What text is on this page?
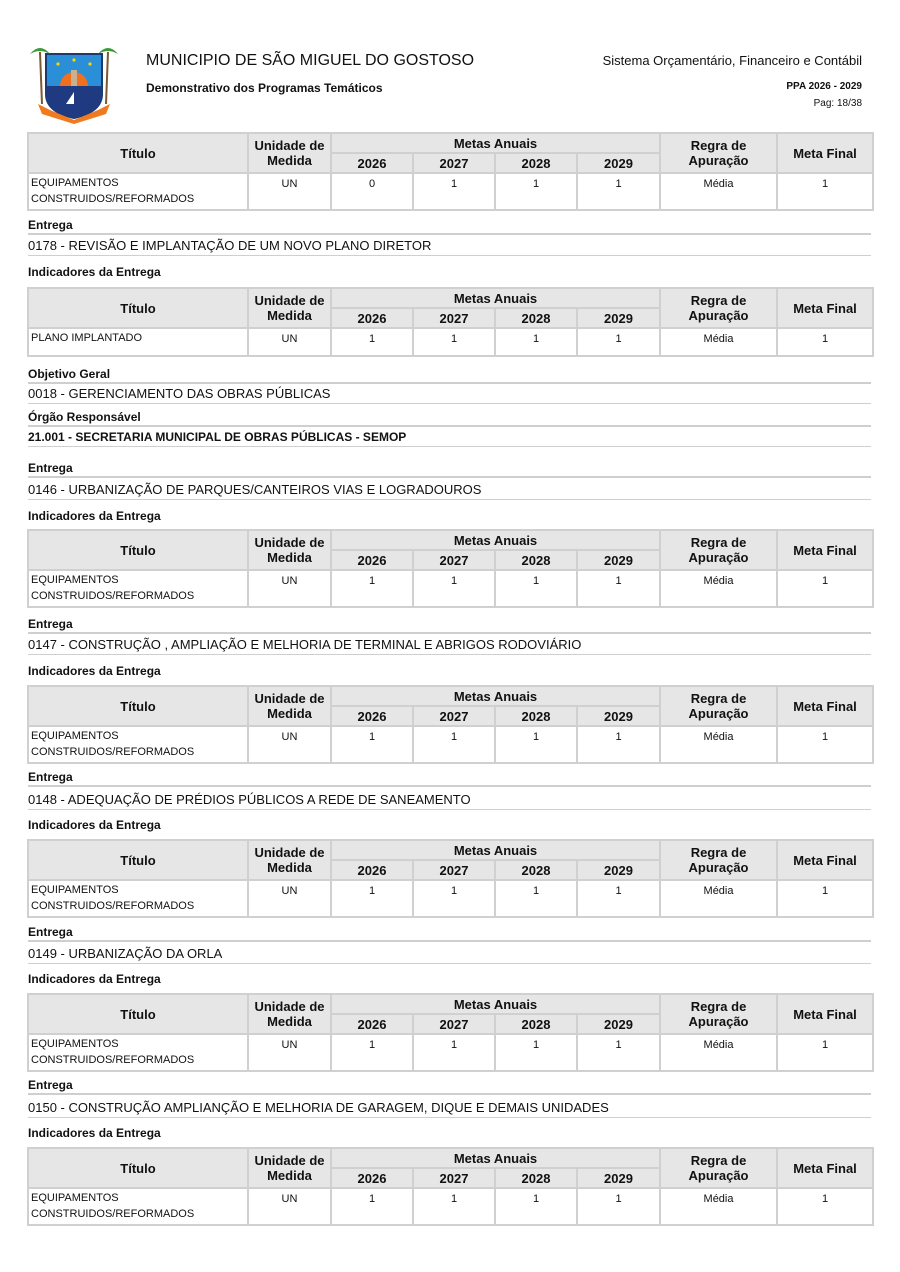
MUNICIPIO DE SÃO MIGUEL DO GOSTOSO
Demonstrativo dos Programas Temáticos
Sistema Orçamentário, Financeiro e Contábil
PPA 2026 - 2029
Pag: 18/38
Título	Unidade de	Metas Anuais				Regra de	Meta Final
	Medida	2026	2027	2028	2029	Apuração	
EQUIPAMENTOS CONSTRUIDOS/REFORMADOS	UN	0	1	1	1	Média	1
Entrega
0178 - REVISÃO E IMPLANTAÇÃO DE UM NOVO PLANO DIRETOR
Indicadores da Entrega
Título	Unidade de	Metas Anuais				Regra de	Meta Final
	Medida	2026	2027	2028	2029	Apuração	
PLANO IMPLANTADO	UN	1	1	1	1	Média	1
Objetivo Geral
0018 - GERENCIAMENTO DAS OBRAS PÚBLICAS
Órgão Responsável
21.001 - SECRETARIA MUNICIPAL DE OBRAS PÚBLICAS - SEMOP
Entrega
0146 - URBANIZAÇÃO DE PARQUES/CANTEIROS VIAS E LOGRADOUROS
Indicadores da Entrega
Título	Unidade de	Metas Anuais				Regra de	Meta Final
	Medida	2026	2027	2028	2029	Apuração	
EQUIPAMENTOS CONSTRUIDOS/REFORMADOS	UN	1	1	1	1	Média	1
Entrega
0147 - CONSTRUÇÃO , AMPLIAÇÃO E MELHORIA DE TERMINAL E ABRIGOS RODOVIÁRIO
Indicadores da Entrega
Título	Unidade de	Metas Anuais				Regra de	Meta Final
	Medida	2026	2027	2028	2029	Apuração	
EQUIPAMENTOS CONSTRUIDOS/REFORMADOS	UN	1	1	1	1	Média	1
Entrega
0148 - ADEQUAÇÃO DE PRÉDIOS PÚBLICOS A REDE DE SANEAMENTO
Indicadores da Entrega
Título	Unidade de	Metas Anuais				Regra de	Meta Final
	Medida	2026	2027	2028	2029	Apuração	
EQUIPAMENTOS CONSTRUIDOS/REFORMADOS	UN	1	1	1	1	Média	1
Entrega
0149 - URBANIZAÇÃO DA ORLA
Indicadores da Entrega
Título	Unidade de	Metas Anuais				Regra de	Meta Final
	Medida	2026	2027	2028	2029	Apuração	
EQUIPAMENTOS CONSTRUIDOS/REFORMADOS	UN	1	1	1	1	Média	1
Entrega
0150 - CONSTRUÇÃO AMPLIANÇÃO E MELHORIA DE GARAGEM, DIQUE E DEMAIS UNIDADES
Indicadores da Entrega
Título	Unidade de	Metas Anuais				Regra de	Meta Final
	Medida	2026	2027	2028	2029	Apuração	
EQUIPAMENTOS CONSTRUIDOS/REFORMADOS	UN	1	1	1	1	Média	1
